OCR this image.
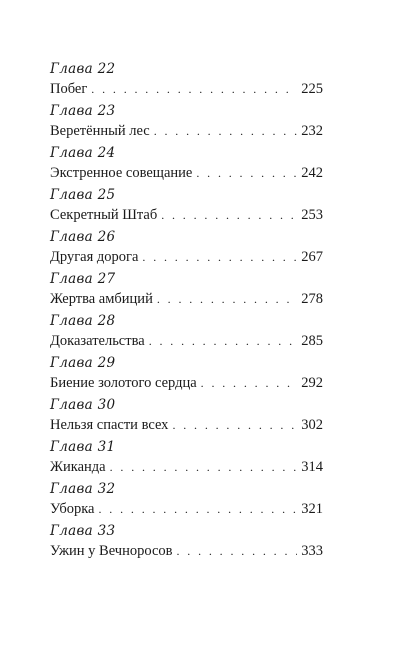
Глава 22
Побег . . .	225
Глава 23
Веретённый лес . . .	232
Глава 24
Экстренное совещание . . .	242
Глава 25
Секретный Штаб . . .	253
Глава 26
Другая дорога . . .	267
Глава 27
Жертва амбиций . . .	278
Глава 28
Доказательства . . .	285
Глава 29
Биение золотого сердца . . .	292
Глава 30
Нельзя спасти всех . . .	302
Глава 31
Жиканда . . .	314
Глава 32
Уборка . . .	321
Глава 33
Ужин у Вечноросов . . .	333
